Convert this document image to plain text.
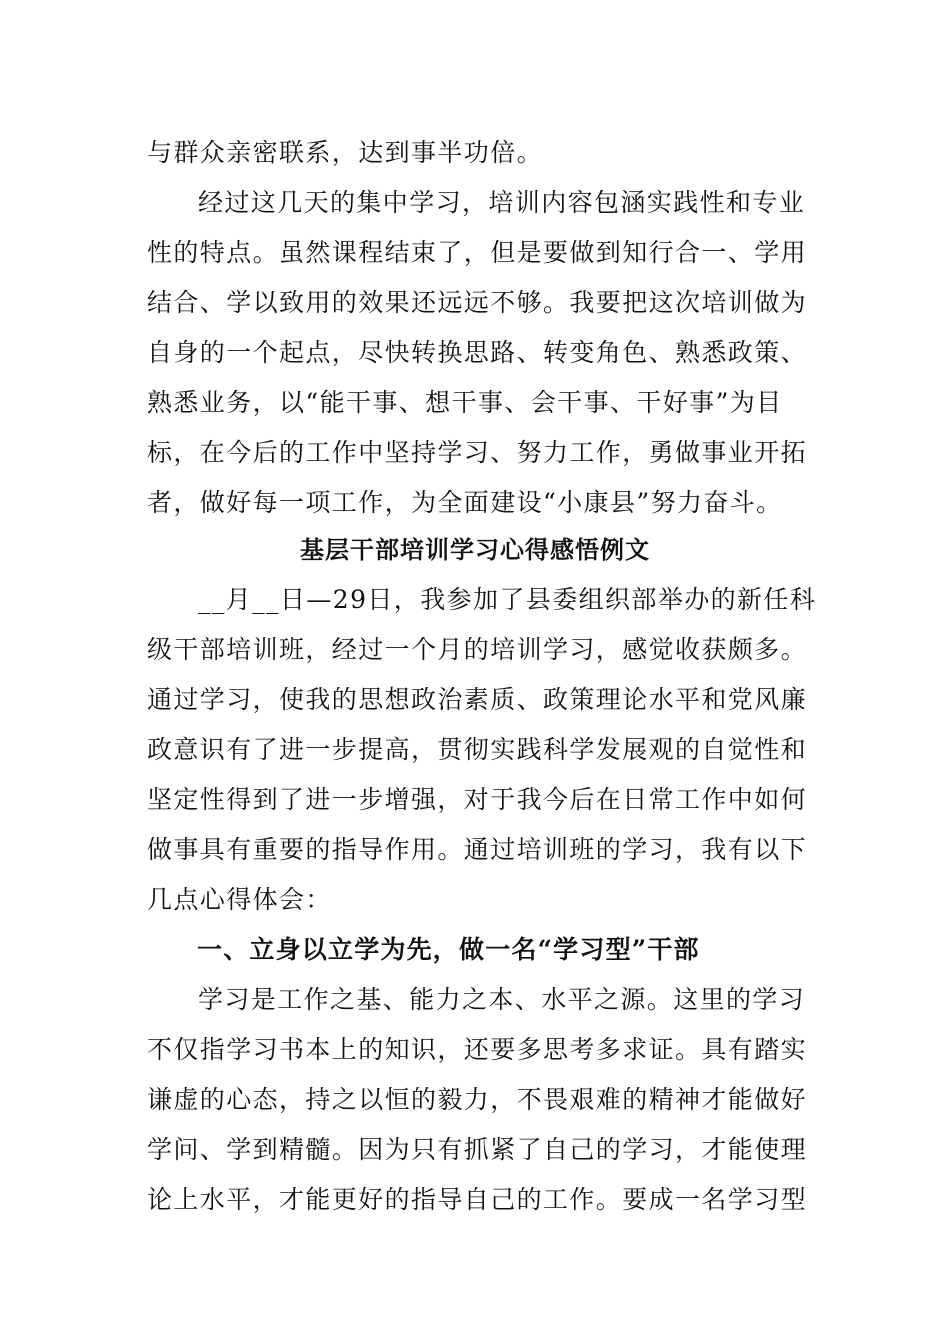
与群众亲密联系，达到事半功倍。
经过这几天的集中学习，培训内容包涵实践性和专业
性的特点。虽然课程结束了，但是要做到知行合一、学用
结合、学以致用的效果还远远不够。我要把这次培训做为
自身的一个起点，尽快转换思路、转变角色、熟悉政策、
熟悉业务，以“能干事、想干事、会干事、干好事”为目
标，在今后的工作中坚持学习、努力工作，勇做事业开拓
者，做好每一项工作，为全面建设“小康县”努力奋斗。
基层干部培训学习心得感悟例文
__月__日—29日，我参加了县委组织部举办的新任科
级干部培训班，经过一个月的培训学习，感觉收获颇多。
通过学习，使我的思想政治素质、政策理论水平和党风廉
政意识有了进一步提高，贯彻实践科学发展观的自觉性和
坚定性得到了进一步增强，对于我今后在日常工作中如何
做事具有重要的指导作用。通过培训班的学习，我有以下
几点心得体会：
一、立身以立学为先，做一名“学习型”干部
学习是工作之基、能力之本、水平之源。这里的学习
不仅指学习书本上的知识，还要多思考多求证。具有踏实
谦虚的心态，持之以恒的毅力，不畏艰难的精神才能做好
学问、学到精髓。因为只有抓紧了自己的学习，才能使理
论上水平，才能更好的指导自己的工作。要成一名学习型
